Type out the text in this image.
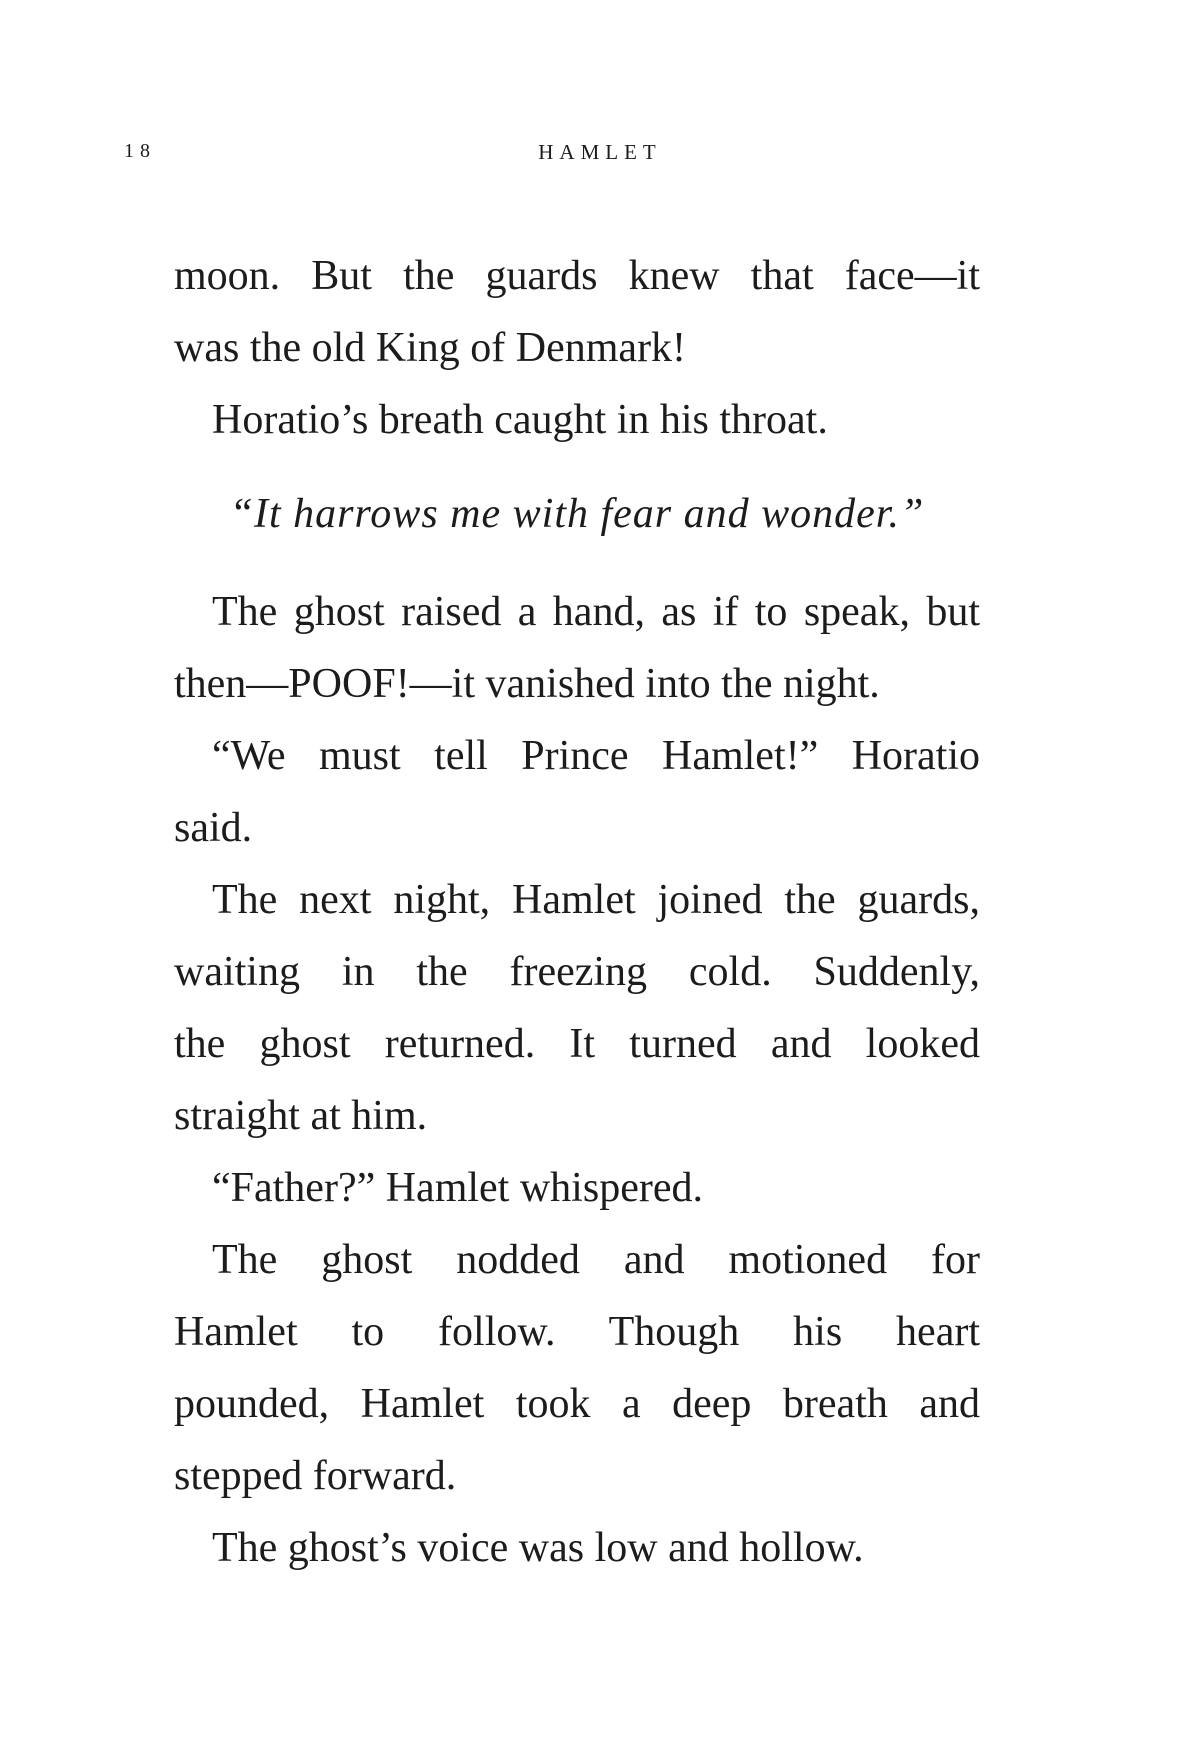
18	HAMLET
moon. But the guards knew that face—it
was the old King of Denmark!
Horatio’s breath caught in his throat.
“It harrows me with fear and wonder.”
The ghost raised a hand, as if to speak, but
then—POOF!—it vanished into the night.
“We must tell Prince Hamlet!” Horatio
said.
The next night, Hamlet joined the guards,
waiting in the freezing cold. Suddenly,
the ghost returned. It turned and looked
straight at him.
“Father?” Hamlet whispered.
The ghost nodded and motioned for
Hamlet to follow. Though his heart
pounded, Hamlet took a deep breath and
stepped forward.
The ghost’s voice was low and hollow.
